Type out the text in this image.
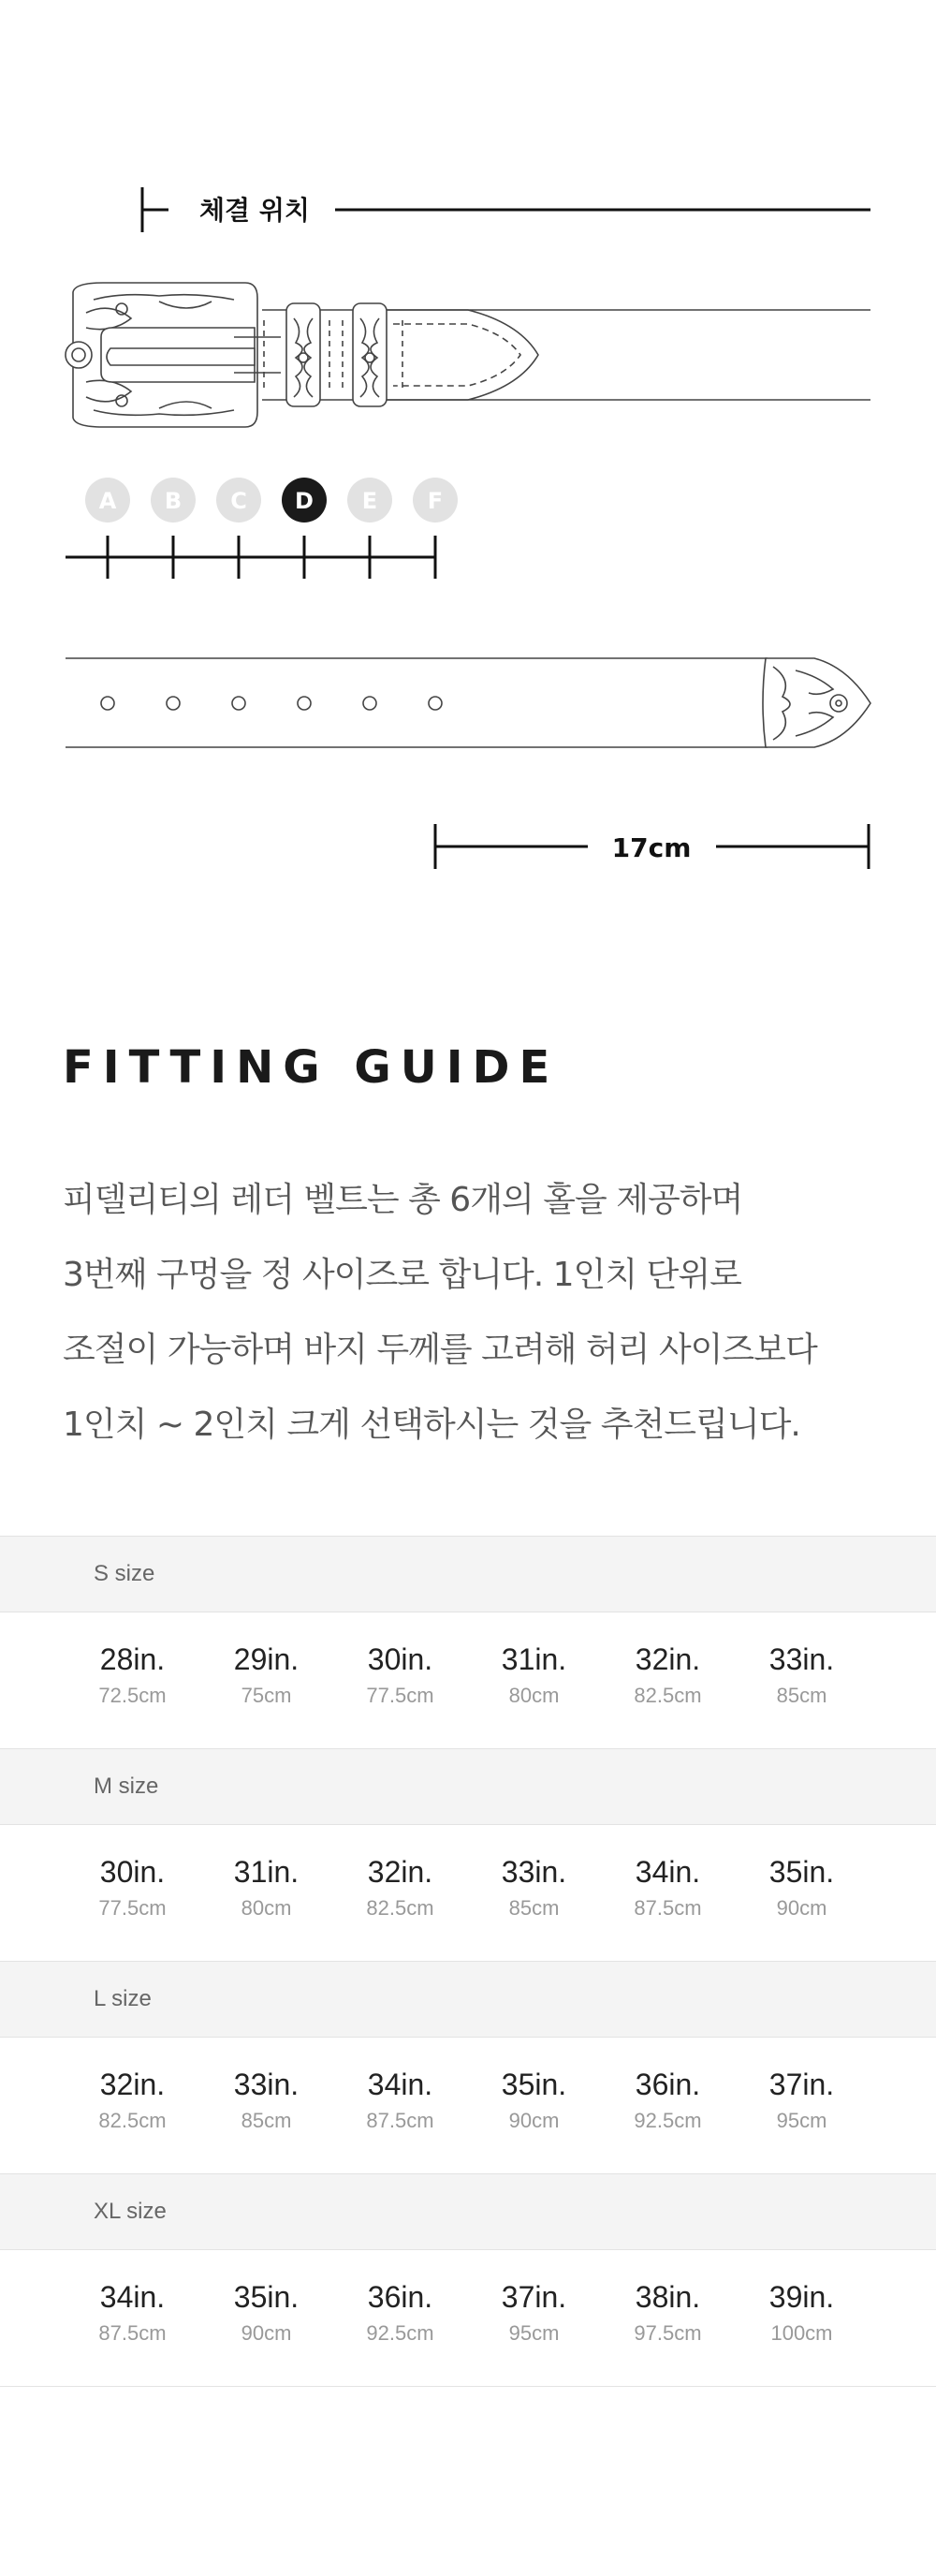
체결 위치
A B C D E F
17cm
FITTING GUIDE
피델리티의 레더 벨트는 총 6개의 홀을 제공하며
3번째 구멍을 정 사이즈로 합니다. 1인치 단위로
조절이 가능하며 바지 두께를 고려해 허리 사이즈보다
1인치 ~ 2인치 크게 선택하시는 것을 추천드립니다.
S size
28in.
72.5cm
29in.
75cm
30in.
77.5cm
31in.
80cm
32in.
82.5cm
33in.
85cm
M size
30in.
77.5cm
31in.
80cm
32in.
82.5cm
33in.
85cm
34in.
87.5cm
35in.
90cm
L size
32in.
82.5cm
33in.
85cm
34in.
87.5cm
35in.
90cm
36in.
92.5cm
37in.
95cm
XL size
34in.
87.5cm
35in.
90cm
36in.
92.5cm
37in.
95cm
38in.
97.5cm
39in.
100cm
